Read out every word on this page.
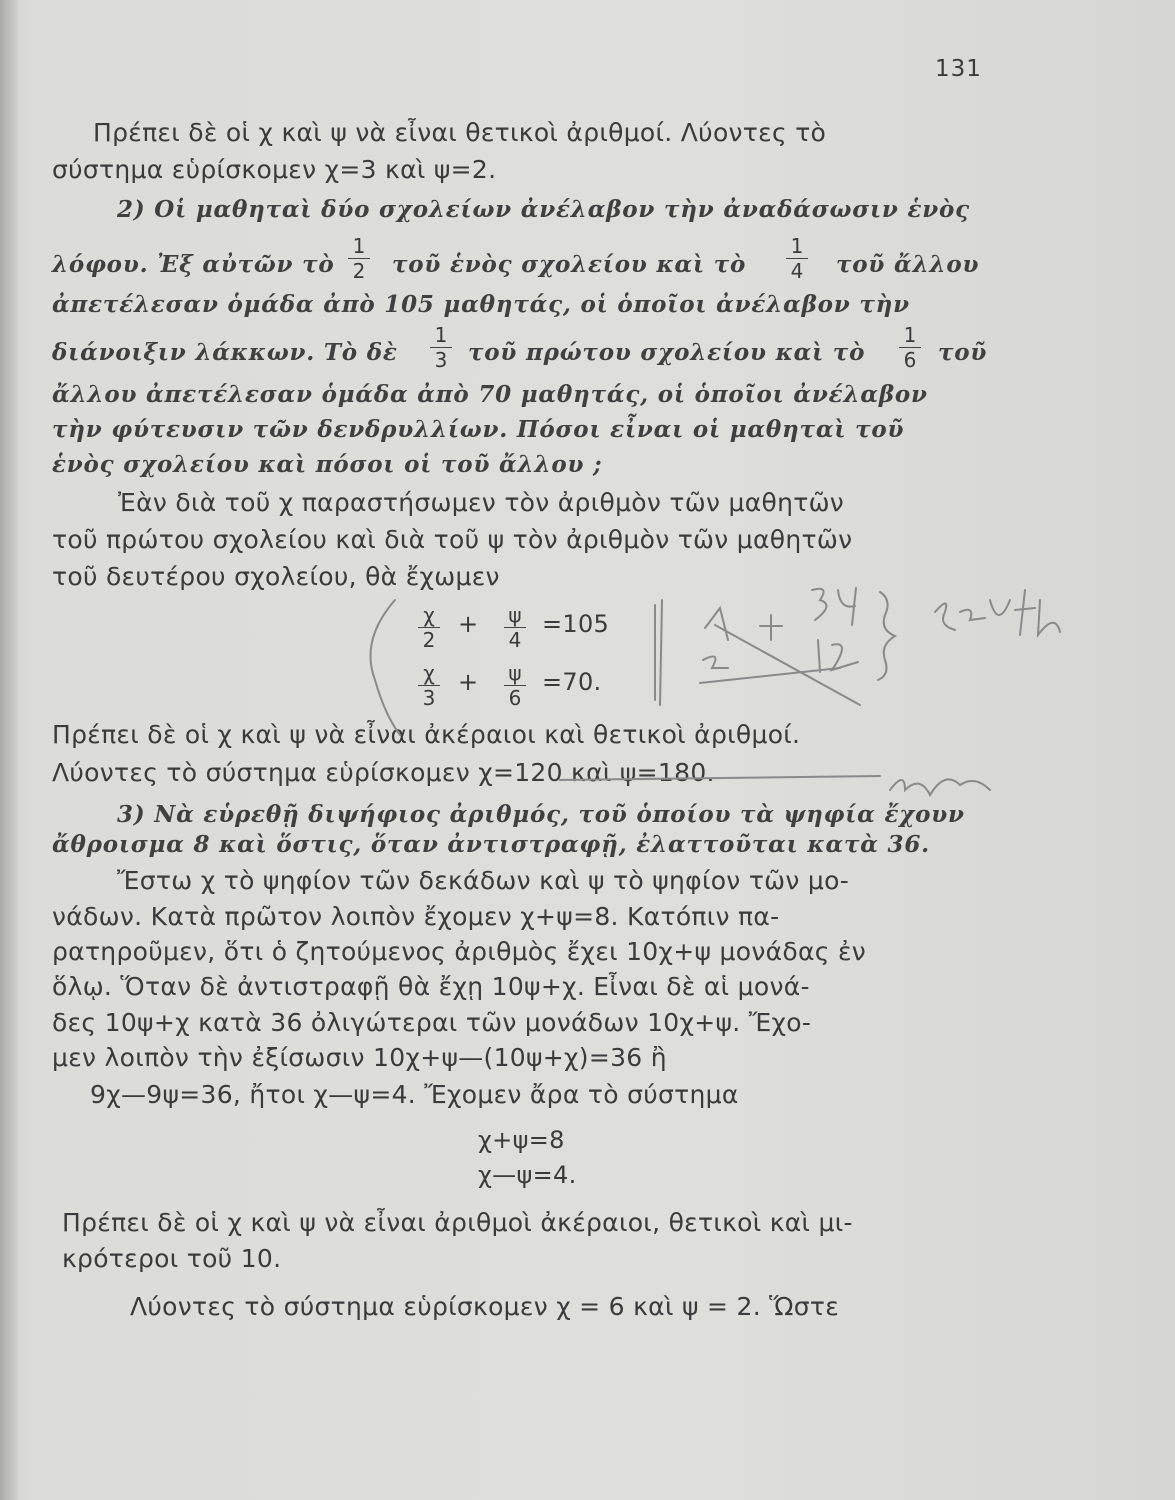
131
Πρέπει δὲ οἱ χ καὶ ψ νὰ εἶναι θετικοὶ ἀριθμοί. Λύοντες τὸ
σύστημα εὑρίσκομεν χ=3 καὶ ψ=2.
2) Οἱ μαθηταὶ δύο σχολείων ἀνέλαβον τὴν ἀναδάσωσιν ἑνὸς
λόφου. Ἐξ αὐτῶν τὸ
1
2 τοῦ ἑνὸς σχολείου καὶ τὸ
1
4 τοῦ ἄλλου
ἀπετέλεσαν ὁμάδα ἀπὸ 105 μαθητάς, οἱ ὁποῖοι ἀνέλαβον τὴν
διάνοιξιν λάκκων. Τὸ δὲ
1
3 τοῦ πρώτου σχολείου καὶ τὸ
1
6 τοῦ
ἄλλου ἀπετέλεσαν ὁμάδα ἀπὸ 70 μαθητάς, οἱ ὁποῖοι ἀνέλαβον
τὴν φύτευσιν τῶν δενδρυλλίων. Πόσοι εἶναι οἱ μαθηταὶ τοῦ
ἑνὸς σχολείου καὶ πόσοι οἱ τοῦ ἄλλου ;
Ἐὰν διὰ τοῦ χ παραστήσωμεν τὸν ἀριθμὸν τῶν μαθητῶν
τοῦ πρώτου σχολείου καὶ διὰ τοῦ ψ τὸν ἀριθμὸν τῶν μαθητῶν
τοῦ δευτέρου σχολείου, θὰ ἔχωμεν
χ
2
+ ψ
4
=105
χ
3
+ ψ
6
=70.
Πρέπει δὲ οἱ χ καὶ ψ νὰ εἶναι ἀκέραιοι καὶ θετικοὶ ἀριθμοί.
Λύοντες τὸ σύστημα εὑρίσκομεν χ=120 καὶ ψ=180.
3) Νὰ εὑρεθῇ διψήφιος ἀριθμός, τοῦ ὁποίου τὰ ψηφία ἔχουν
ἄθροισμα 8 καὶ ὅστις, ὅταν ἀντιστραφῇ, ἐλαττοῦται κατὰ 36.
Ἔστω χ τὸ ψηφίον τῶν δεκάδων καὶ ψ τὸ ψηφίον τῶν μο-
νάδων. Κατὰ πρῶτον λοιπὸν ἔχομεν χ+ψ=8. Κατόπιν πα-
ρατηροῦμεν, ὅτι ὁ ζητούμενος ἀριθμὸς ἔχει 10χ+ψ μονάδας ἐν
ὅλῳ. Ὅταν δὲ ἀντιστραφῇ θὰ ἔχῃ 10ψ+χ. Εἶναι δὲ αἱ μονά-
δες 10ψ+χ κατὰ 36 ὀλιγώτεραι τῶν μονάδων 10χ+ψ. Ἔχο-
μεν λοιπὸν τὴν ἐξίσωσιν 10χ+ψ—(10ψ+χ)=36 ἢ
9χ—9ψ=36, ἤτοι χ—ψ=4. Ἔχομεν ἄρα τὸ σύστημα
χ+ψ=8
χ—ψ=4.
Πρέπει δὲ οἱ χ καὶ ψ νὰ εἶναι ἀριθμοὶ ἀκέραιοι, θετικοὶ καὶ μι-
κρότεροι τοῦ 10.
Λύοντες τὸ σύστημα εὑρίσκομεν χ = 6 καὶ ψ = 2. Ὥστε
